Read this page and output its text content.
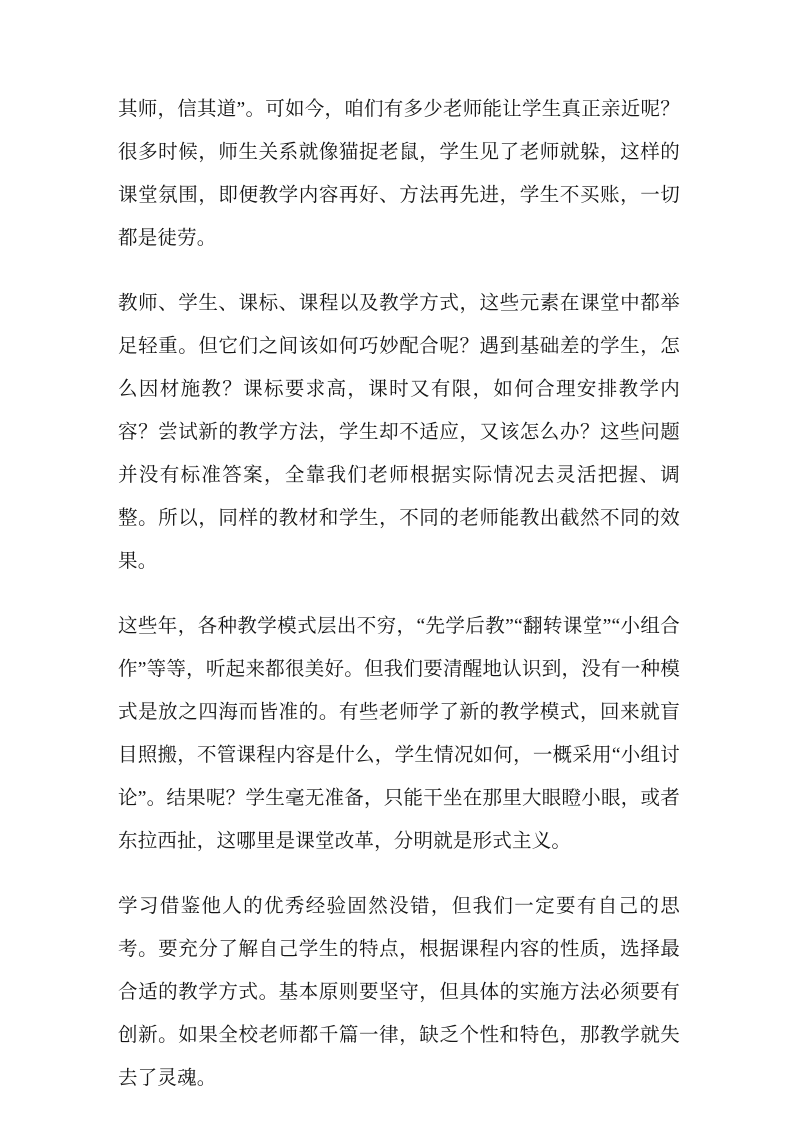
其师，信其道”。可如今，咱们有多少老师能让学生真正亲近呢？很多时候，师生关系就像猫捉老鼠，学生见了老师就躲，这样的课堂氛围，即便教学内容再好、方法再先进，学生不买账，一切都是徒劳。

教师、学生、课标、课程以及教学方式，这些元素在课堂中都举足轻重。但它们之间该如何巧妙配合呢？遇到基础差的学生，怎么因材施教？课标要求高，课时又有限，如何合理安排教学内容？尝试新的教学方法，学生却不适应，又该怎么办？这些问题并没有标准答案，全靠我们老师根据实际情况去灵活把握、调整。所以，同样的教材和学生，不同的老师能教出截然不同的效果。

这些年，各种教学模式层出不穷，“先学后教”“翻转课堂”“小组合作”等等，听起来都很美好。但我们要清醒地认识到，没有一种模式是放之四海而皆准的。有些老师学了新的教学模式，回来就盲目照搬，不管课程内容是什么，学生情况如何，一概采用“小组讨论”。结果呢？学生毫无准备，只能干坐在那里大眼瞪小眼，或者东拉西扯，这哪里是课堂改革，分明就是形式主义。

学习借鉴他人的优秀经验固然没错，但我们一定要有自己的思考。要充分了解自己学生的特点，根据课程内容的性质，选择最合适的教学方式。基本原则要坚守，但具体的实施方法必须要有创新。如果全校老师都千篇一律，缺乏个性和特色，那教学就失去了灵魂。
